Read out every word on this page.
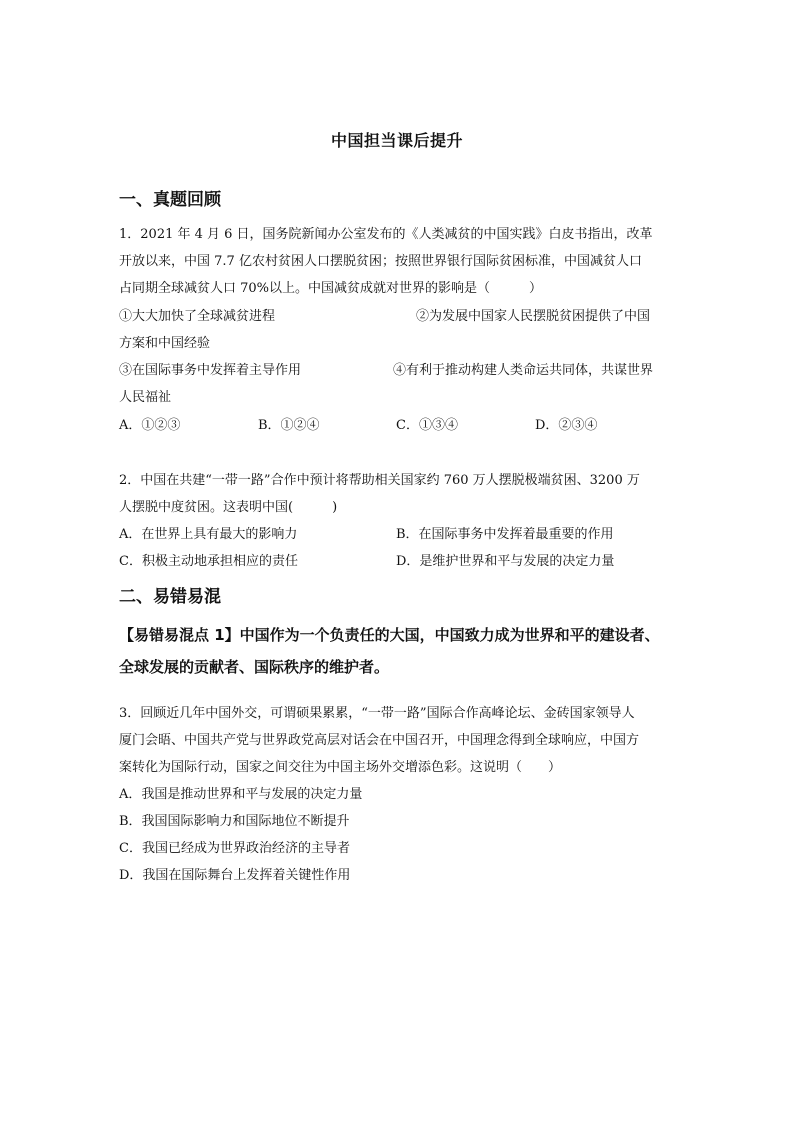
中国担当课后提升
一、真题回顾
1．2021 年 4 月 6 日，国务院新闻办公室发布的《人类减贫的中国实践》白皮书指出，改革
开放以来，中国 7.7 亿农村贫困人口摆脱贫困；按照世界银行国际贫困标准，中国减贫人口
占同期全球减贫人口 70%以上。中国减贫成就对世界的影响是（　　　）
①大大加快了全球减贫进程	②为发展中国家人民摆脱贫困提供了中国
方案和中国经验
③在国际事务中发挥着主导作用	④有利于推动构建人类命运共同体，共谋世界
人民福祉
A．①②③	B．①②④	C．①③④	D．②③④
2．中国在共建“一带一路”合作中预计将帮助相关国家约 760 万人摆脱极端贫困、3200 万
人摆脱中度贫困。这表明中国(　　　)
A．在世界上具有最大的影响力	B．在国际事务中发挥着最重要的作用
C．积极主动地承担相应的责任	D．是维护世界和平与发展的决定力量
二、易错易混
【易错易混点 1】中国作为一个负责任的大国，中国致力成为世界和平的建设者、
全球发展的贡献者、国际秩序的维护者。
3．回顾近几年中国外交，可谓硕果累累，“一带一路”国际合作高峰论坛、金砖国家领导人
厦门会晤、中国共产党与世界政党高层对话会在中国召开，中国理念得到全球响应，中国方
案转化为国际行动，国家之间交往为中国主场外交增添色彩。这说明（　　）
A．我国是推动世界和平与发展的决定力量
B．我国国际影响力和国际地位不断提升
C．我国已经成为世界政治经济的主导者
D．我国在国际舞台上发挥着关键性作用
